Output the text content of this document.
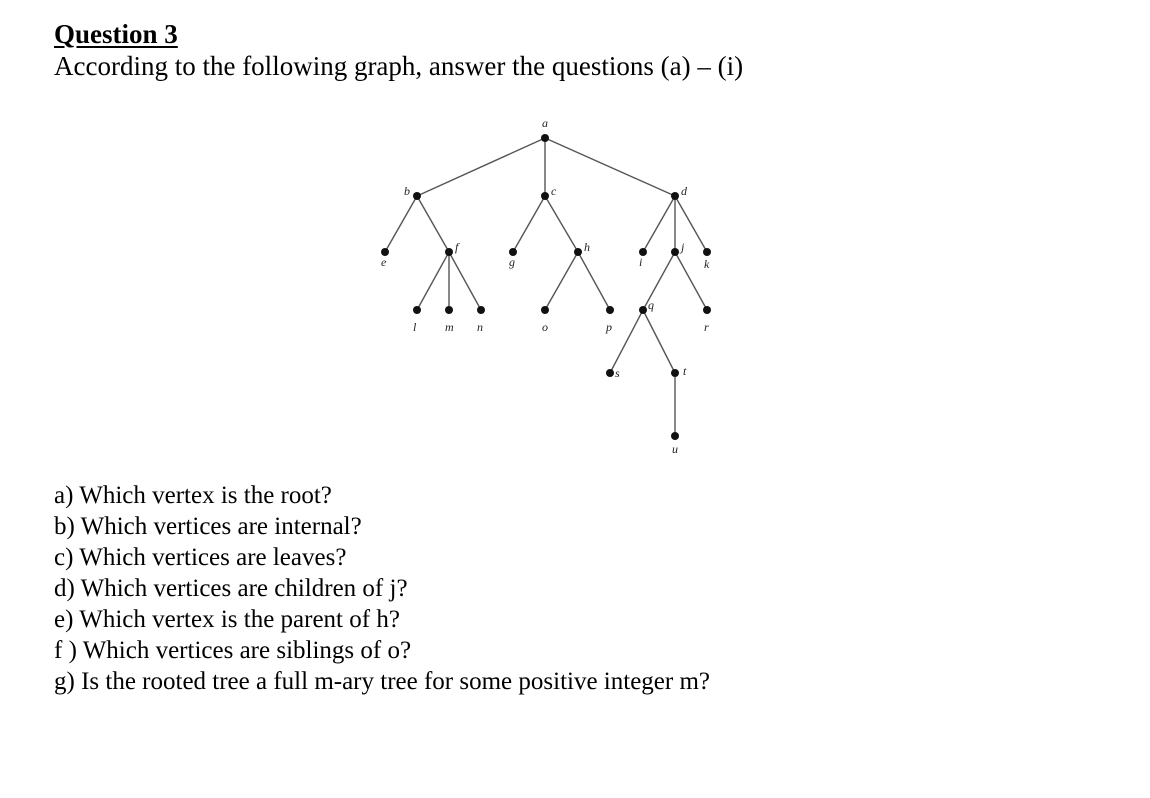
Question 3
According to the following graph, answer the questions (a) – (i)
a
b	c	d
e
f
g
h
i
j
k
l m n	o	p
q
r
s	t
u
a) Which vertex is the root?
b) Which vertices are internal?
c) Which vertices are leaves?
d) Which vertices are children of j?
e) Which vertex is the parent of h?
f ) Which vertices are siblings of o?
g) Is the rooted tree a full m-ary tree for some positive integer m?
